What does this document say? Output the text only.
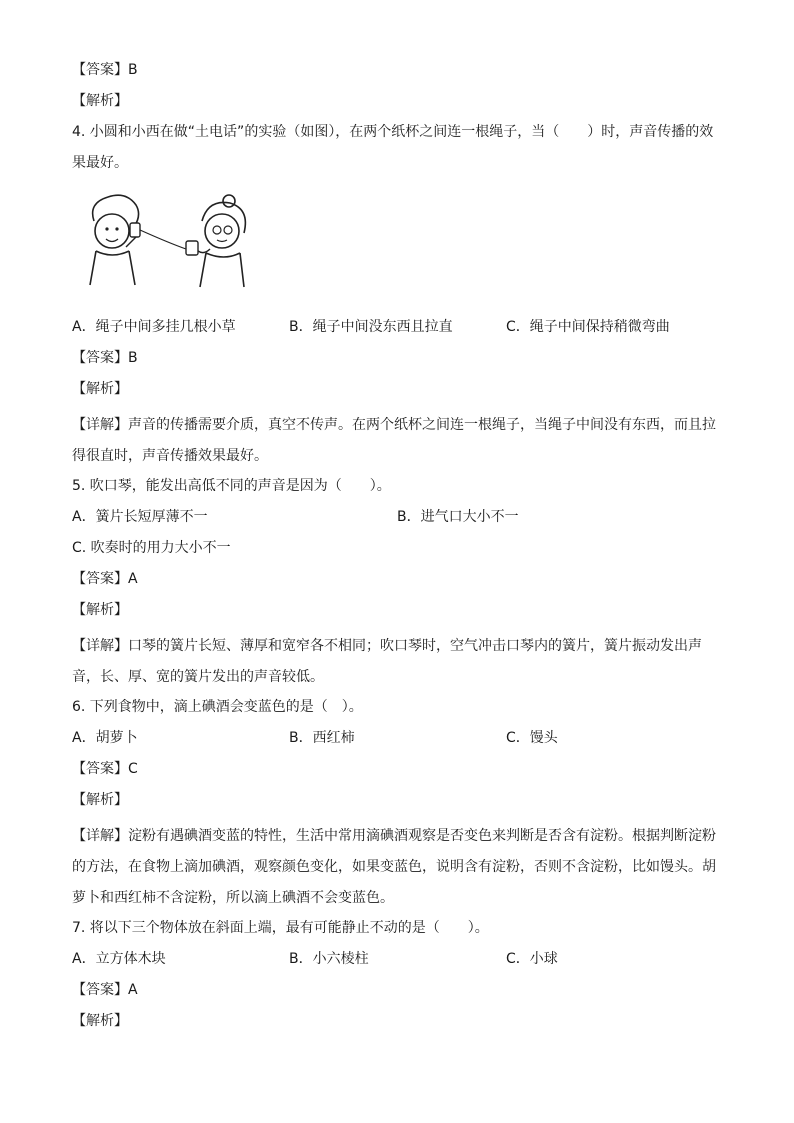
【答案】B

【解析】

4. 小圆和小西在做“土电话”的实验（如图），在两个纸杯之间连一根绳子，当（　　）时，声音传播的效

果最好。

A．绳子中间多挂几根小草	B．绳子中间没东西且拉直	C．绳子中间保持稍微弯曲

【答案】B

【解析】

【详解】声音的传播需要介质，真空不传声。在两个纸杯之间连一根绳子，当绳子中间没有东西，而且拉得很直时，声音传播效果最好。

5. 吹口琴，能发出高低不同的声音是因为（　　）。

A．簧片长短厚薄不一	B．进气口大小不一

C. 吹奏时的用力大小不一

【答案】A

【解析】

【详解】口琴的簧片长短、薄厚和宽窄各不相同；吹口琴时，空气冲击口琴内的簧片，簧片振动发出声音，长、厚、宽的簧片发出的声音较低。

6. 下列食物中，滴上碘酒会变蓝色的是（　）。

A．胡萝卜	B．西红柿	C．馒头

【答案】C

【解析】

【详解】淀粉有遇碘酒变蓝的特性，生活中常用滴碘酒观察是否变色来判断是否含有淀粉。根据判断淀粉的方法，在食物上滴加碘酒，观察颜色变化，如果变蓝色，说明含有淀粉，否则不含淀粉，比如馒头。胡萝卜和西红柿不含淀粉，所以滴上碘酒不会变蓝色。

7. 将以下三个物体放在斜面上端，最有可能静止不动的是（　　）。

A．立方体木块	B．小六棱柱	C．小球

【答案】A

【解析】
